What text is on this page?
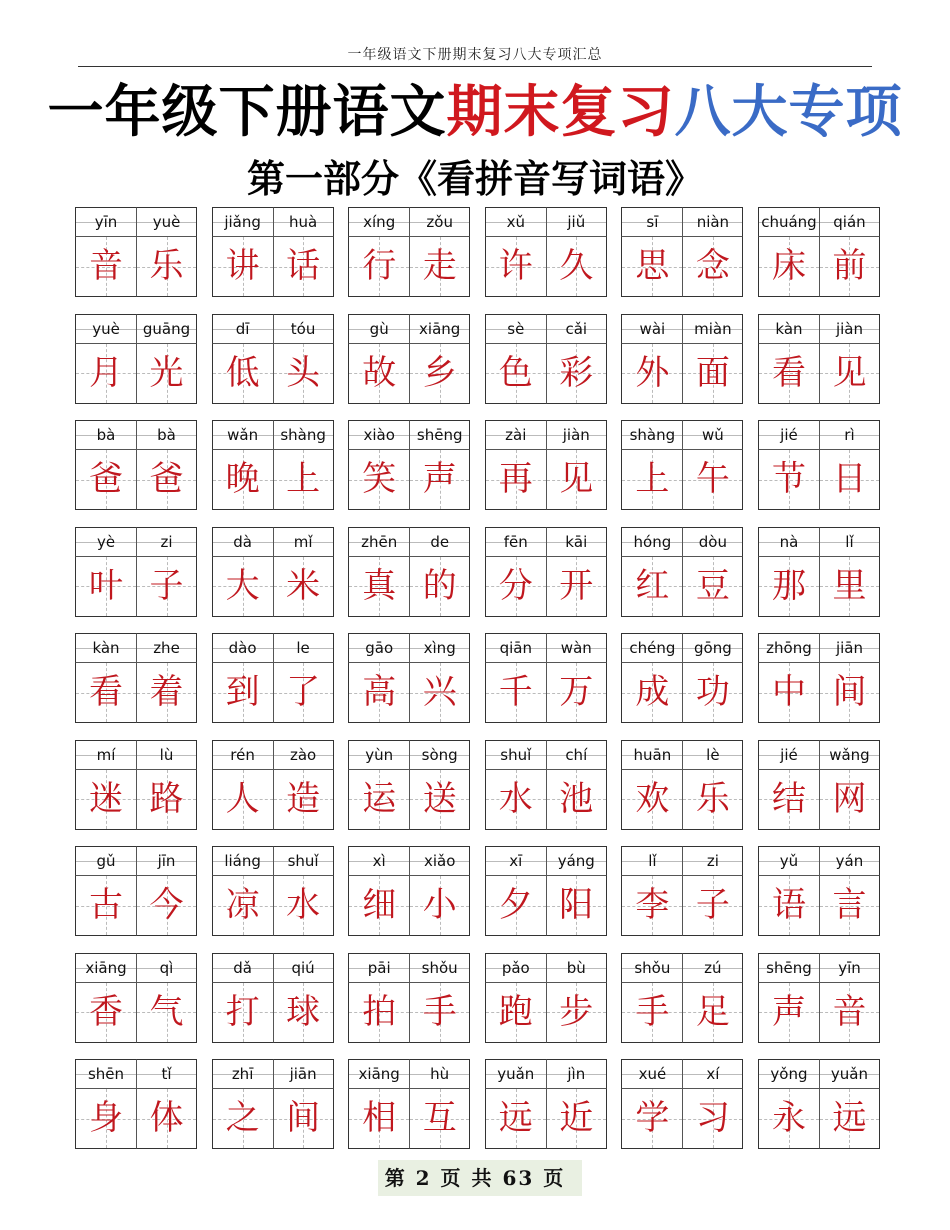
一年级语文下册期末复习八大专项汇总
一年级下册语文期末复习八大专项
第一部分《看拼音写词语》
yīn
音
yuè
乐
jiǎng
讲
huà
话
xíng
行
zǒu
走
xǔ
许
jiǔ
久
sī
思
niàn
念
chuáng
床
qián
前
yuè
月
guāng
光
dī
低
tóu
头
gù
故
xiāng
乡
sè
色
cǎi
彩
wài
外
miàn
面
kàn
看
jiàn
见
bà
爸
bà
爸
wǎn
晚
shàng
上
xiào
笑
shēng
声
zài
再
jiàn
见
shàng
上
wǔ
午
jié
节
rì
日
yè
叶
zi
子
dà
大
mǐ
米
zhēn
真
de
的
fēn
分
kāi
开
hóng
红
dòu
豆
nà
那
lǐ
里
kàn
看
zhe
着
dào
到
le
了
gāo
高
xìng
兴
qiān
千
wàn
万
chéng
成
gōng
功
zhōng
中
jiān
间
mí
迷
lù
路
rén
人
zào
造
yùn
运
sòng
送
shuǐ
水
chí
池
huān
欢
lè
乐
jié
结
wǎng
网
gǔ
古
jīn
今
liáng
凉
shuǐ
水
xì
细
xiǎo
小
xī
夕
yáng
阳
lǐ
李
zi
子
yǔ
语
yán
言
xiāng
香
qì
气
dǎ
打
qiú
球
pāi
拍
shǒu
手
pǎo
跑
bù
步
shǒu
手
zú
足
shēng
声
yīn
音
shēn
身
tǐ
体
zhī
之
jiān
间
xiāng
相
hù
互
yuǎn
远
jìn
近
xué
学
xí
习
yǒng
永
yuǎn
远
第 2 页 共 63 页
